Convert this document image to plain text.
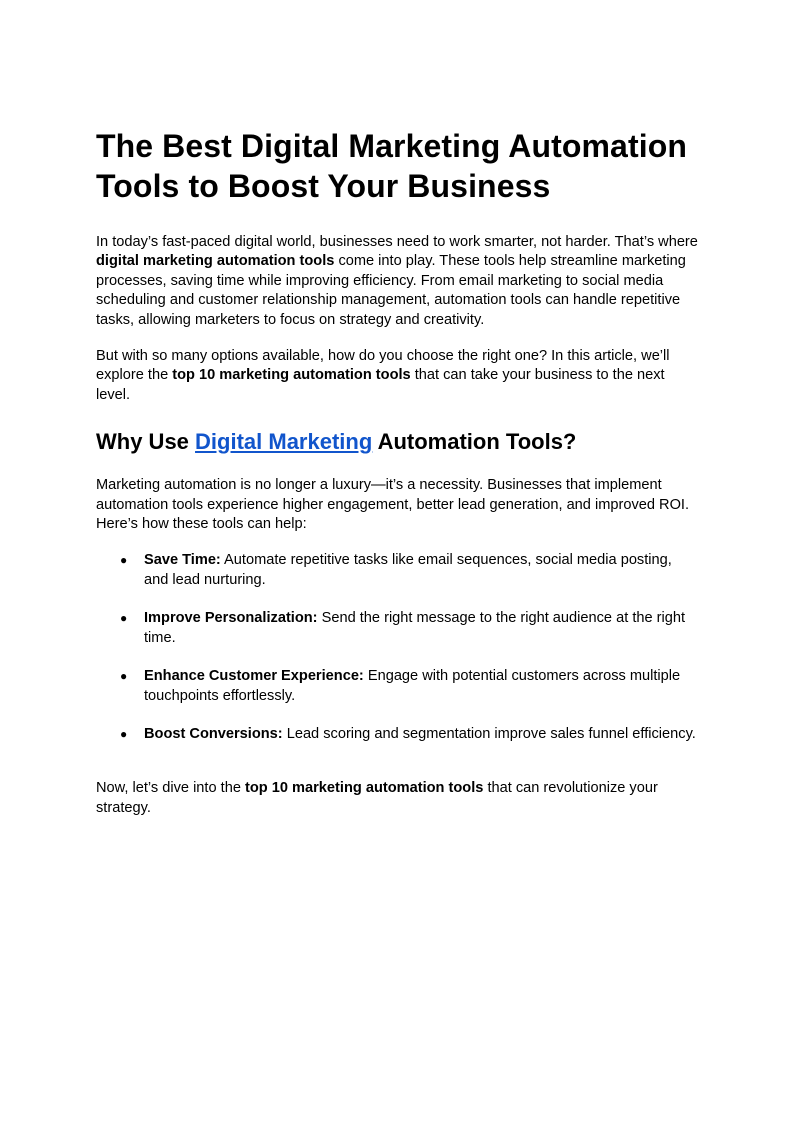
The Best Digital Marketing Automation Tools to Boost Your Business

In today’s fast-paced digital world, businesses need to work smarter, not harder. That’s where digital marketing automation tools come into play. These tools help streamline marketing processes, saving time while improving efficiency. From email marketing to social media scheduling and customer relationship management, automation tools can handle repetitive tasks, allowing marketers to focus on strategy and creativity.

But with so many options available, how do you choose the right one? In this article, we’ll explore the top 10 marketing automation tools that can take your business to the next level.

Why Use Digital Marketing Automation Tools?

Marketing automation is no longer a luxury—it’s a necessity. Businesses that implement automation tools experience higher engagement, better lead generation, and improved ROI. Here’s how these tools can help:

● Save Time: Automate repetitive tasks like email sequences, social media posting, and lead nurturing.
● Improve Personalization: Send the right message to the right audience at the right time.
● Enhance Customer Experience: Engage with potential customers across multiple touchpoints effortlessly.
● Boost Conversions: Lead scoring and segmentation improve sales funnel efficiency.

Now, let’s dive into the top 10 marketing automation tools that can revolutionize your strategy.
